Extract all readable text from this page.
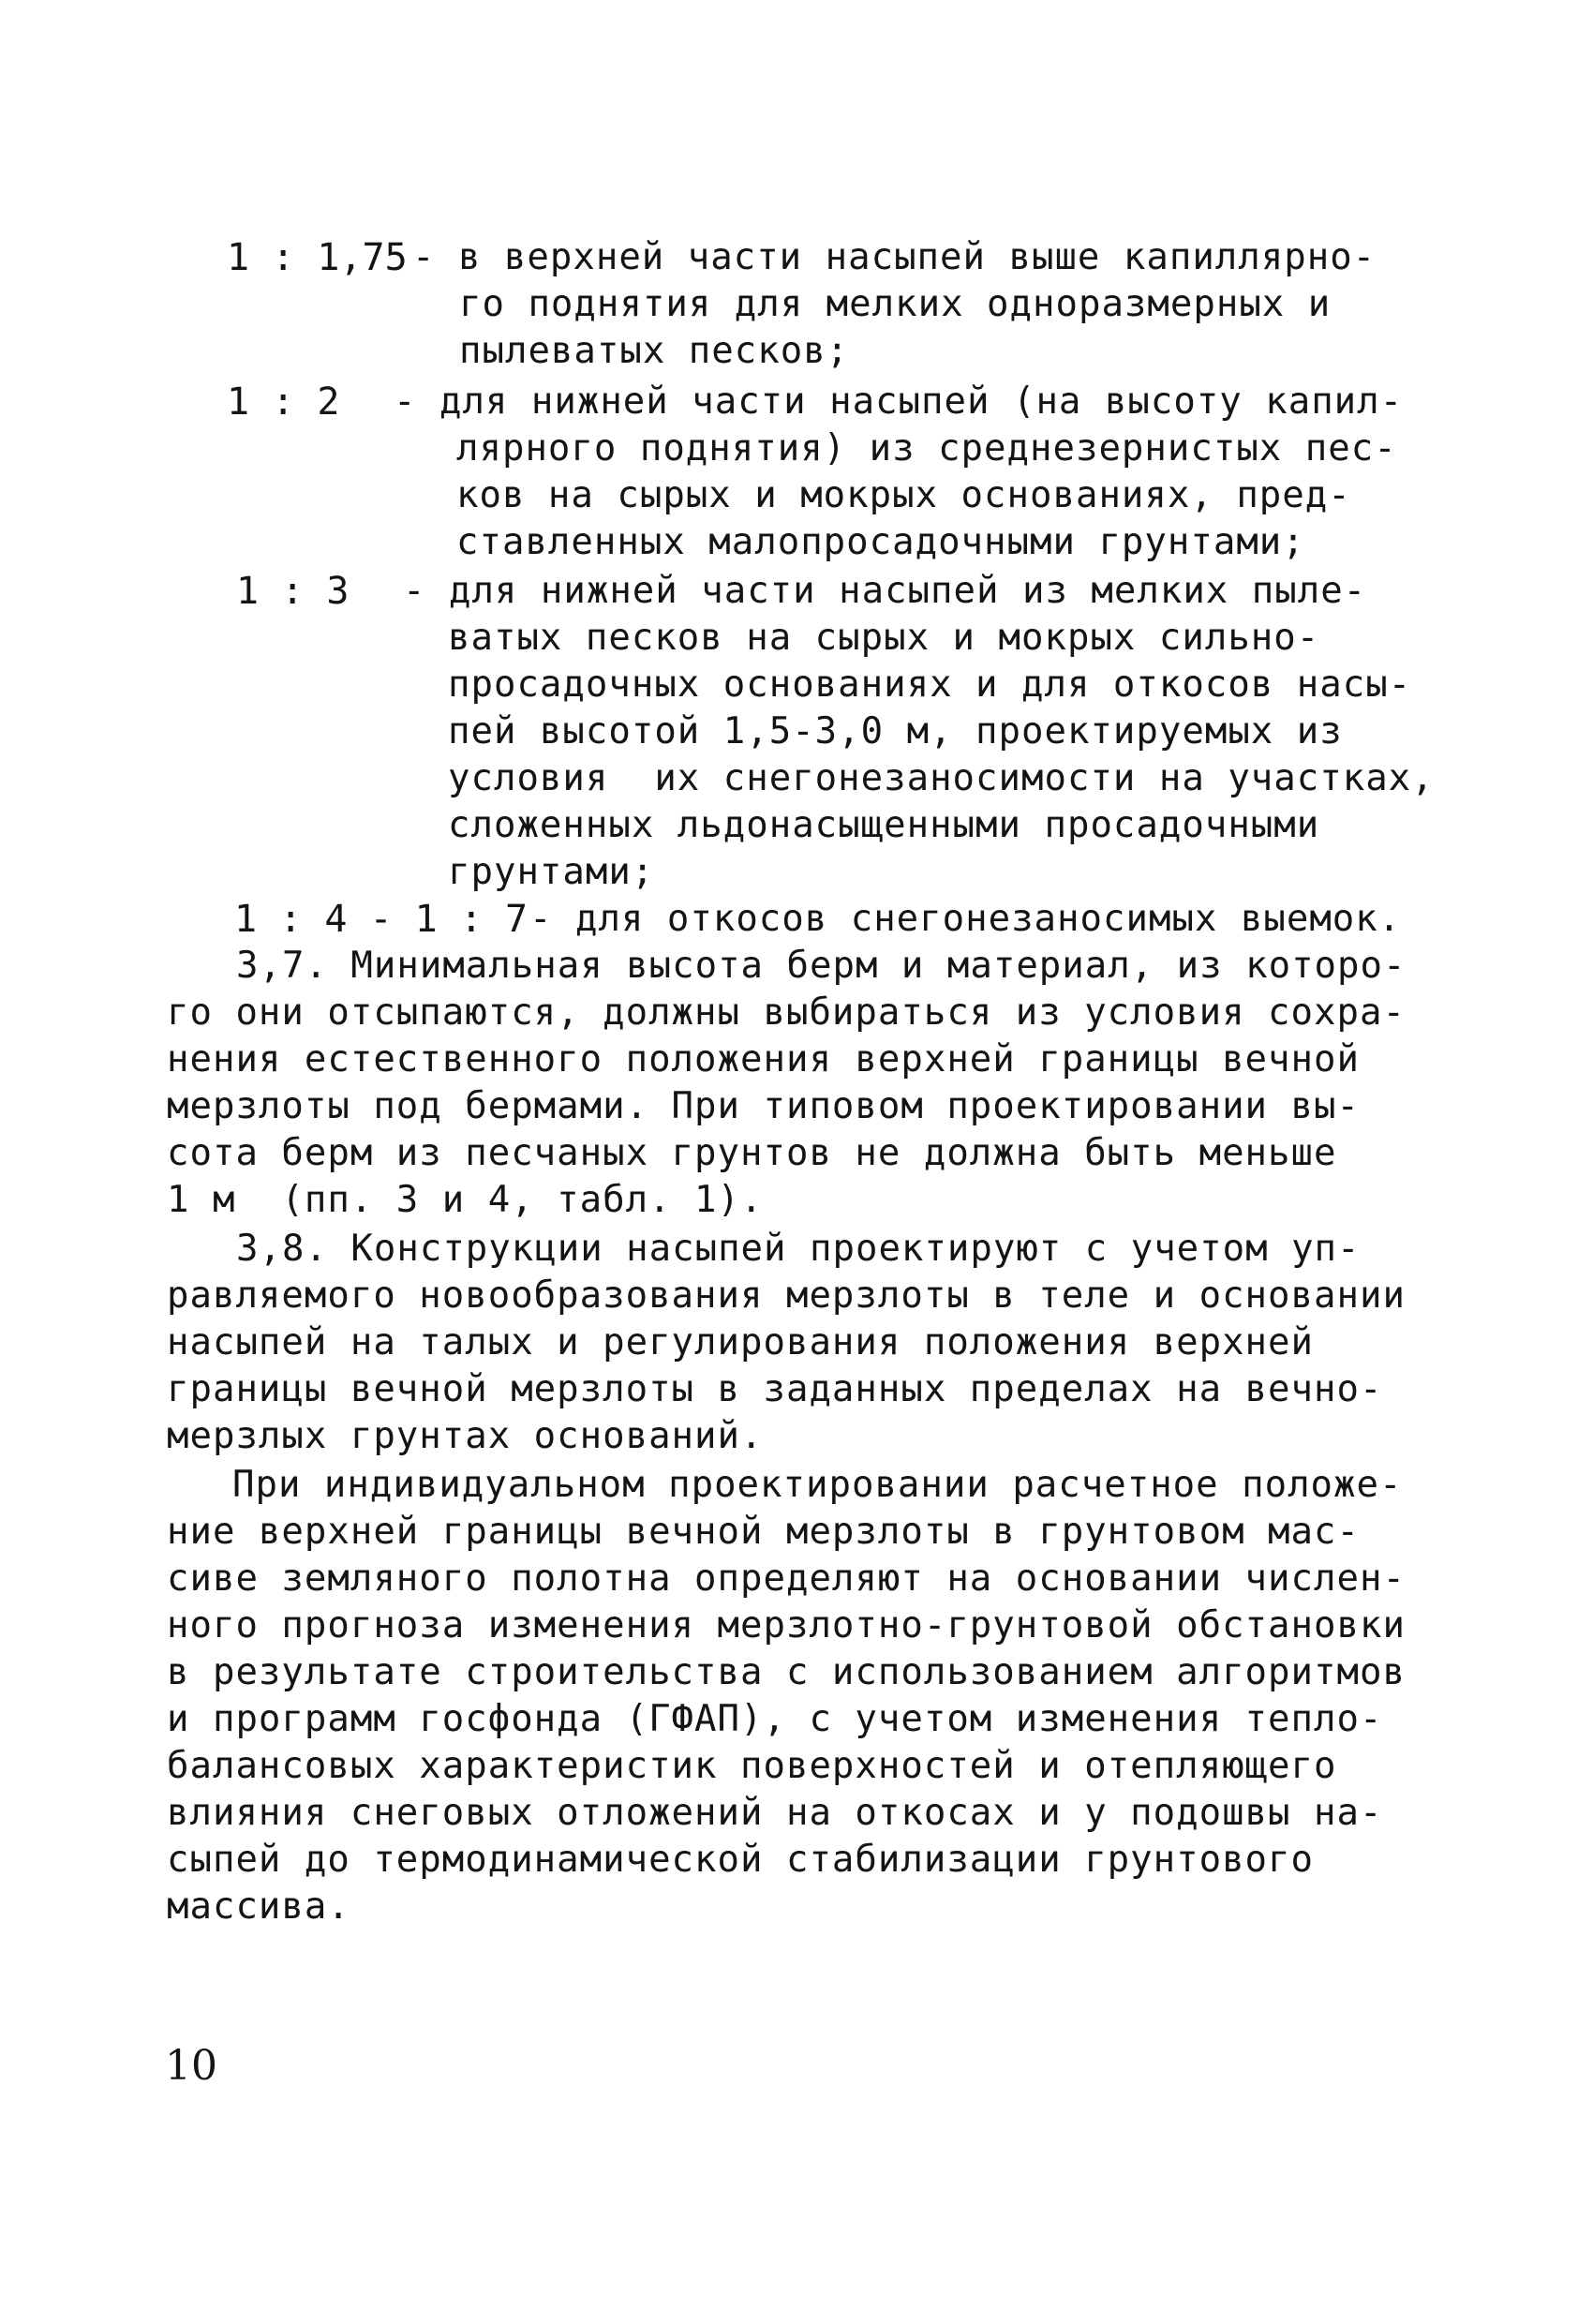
1 : 1,75 - в верхней части насыпей выше капиллярно-
го поднятия для мелких одноразмерных и
пылеватых песков;
1 : 2 - для нижней части насыпей (на высоту капил-
лярного поднятия) из среднезернистых пес-
ков на сырых и мокрых основаниях, пред-
ставленных малопросадочными грунтами;
1 : 3 - для нижней части насыпей из мелких пыле-
ватых песков на сырых и мокрых сильно-
просадочных основаниях и для откосов насы-
пей высотой 1,5-3,0 м, проектируемых из
условия  их снегонезаносимости на участках,
сложенных льдонасыщенными просадочными
грунтами;
1 : 4 - 1 : 7 - для откосов снегонезаносимых выемок.
3,7. Минимальная высота берм и материал, из которо-
го они отсыпаются, должны выбираться из условия сохра-
нения естественного положения верхней границы вечной
мерзлоты под бермами. При типовом проектировании вы-
сота берм из песчаных грунтов не должна быть меньше
1 м  (пп. 3 и 4, табл. 1).
3,8. Конструкции насыпей проектируют с учетом уп-
равляемого новообразования мерзлоты в теле и основании
насыпей на талых и регулирования положения верхней
границы вечной мерзлоты в заданных пределах на вечно-
мерзлых грунтах оснований.
При индивидуальном проектировании расчетное положе-
ние верхней границы вечной мерзлоты в грунтовом мас-
сиве земляного полотна определяют на основании числен-
ного прогноза изменения мерзлотно-грунтовой обстановки
в результате строительства с использованием алгоритмов
и программ госфонда (ГФАП), с учетом изменения тепло-
балансовых характеристик поверхностей и отепляющего
влияния снеговых отложений на откосах и у подошвы на-
сыпей до термодинамической стабилизации грунтового
массива.
10
